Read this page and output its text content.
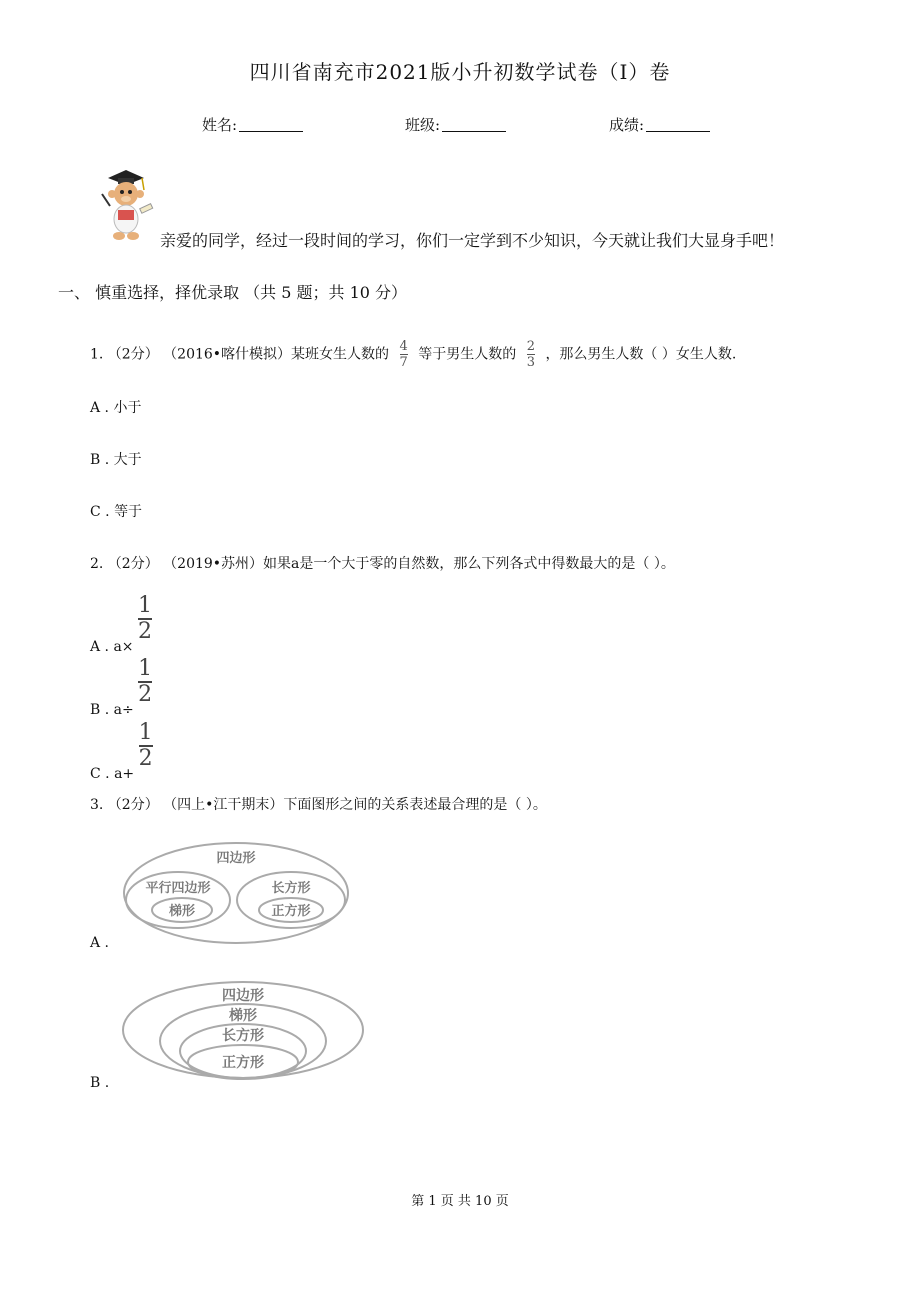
四川省南充市2021版小升初数学试卷（I）卷
姓名:	班级:	成绩:
亲爱的同学，经过一段时间的学习，你们一定学到不少知识，今天就让我们大显身手吧！
一、 慎重选择，择优录取 （共 5 题；共 10 分）
1. （2分） （2016•喀什模拟）某班女生人数的 $\frac{4}{7}$ 等于男生人数的 $\frac{2}{3}$ ，那么男生人数（ ）女生人数.
A . 小于
B . 大于
C . 等于
2. （2分） （2019•苏州）如果a是一个大于零的自然数，那么下列各式中得数最大的是（ ）。
A . a×
$\frac{1}{2}$
B . a÷
$\frac{1}{2}$
C . a+
$\frac{1}{2}$
3. （2分） （四上•江干期末）下面图形之间的关系表述最合理的是（ ）。
四边形
平行四边形
梯形
长方形
正方形
A .
四边形
梯形
长方形
正方形
B .
第 1 页 共 10 页
